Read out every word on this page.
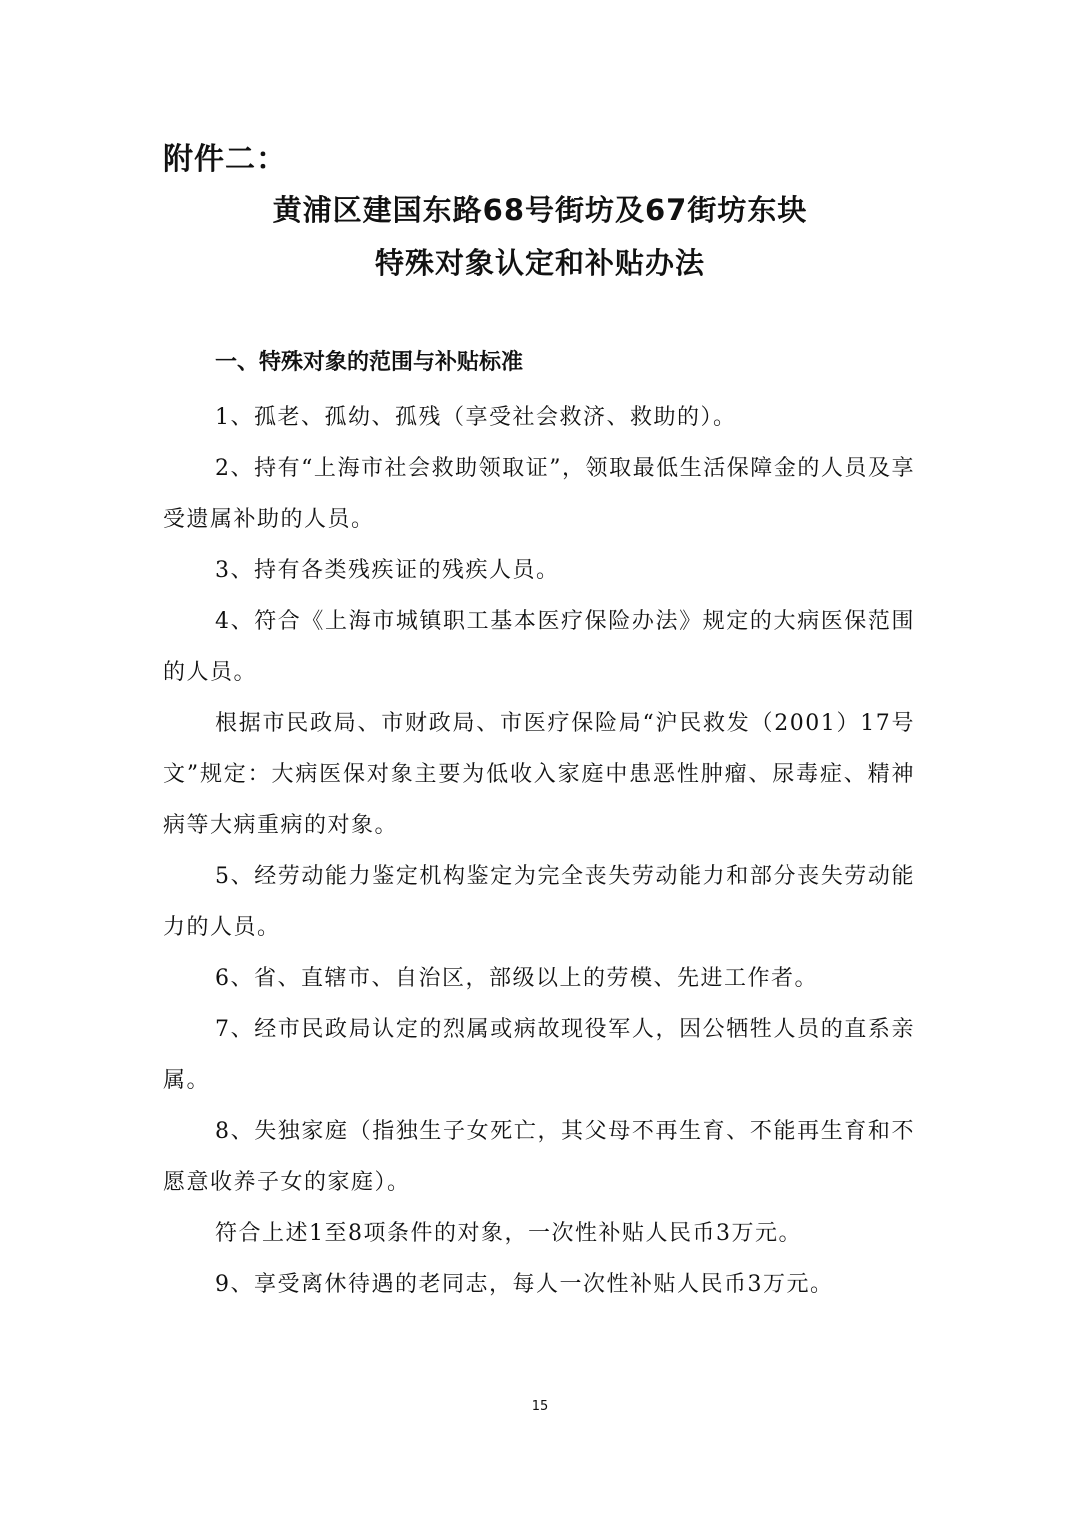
附件二：
黄浦区建国东路68号街坊及67街坊东块
特殊对象认定和补贴办法
一、特殊对象的范围与补贴标准

1、孤老、孤幼、孤残（享受社会救济、救助的）。

2、持有“上海市社会救助领取证”，领取最低生活保障金的人员及享受遗属补助的人员。

3、持有各类残疾证的残疾人员。

4、符合《上海市城镇职工基本医疗保险办法》规定的大病医保范围的人员。

根据市民政局、市财政局、市医疗保险局“沪民救发（2001）17号文”规定：大病医保对象主要为低收入家庭中患恶性肿瘤、尿毒症、精神病等大病重病的对象。

5、经劳动能力鉴定机构鉴定为完全丧失劳动能力和部分丧失劳动能力的人员。

6、省、直辖市、自治区，部级以上的劳模、先进工作者。

7、经市民政局认定的烈属或病故现役军人，因公牺牲人员的直系亲属。

8、失独家庭（指独生子女死亡，其父母不再生育、不能再生育和不愿意收养子女的家庭）。

符合上述1至8项条件的对象，一次性补贴人民币3万元。

9、享受离休待遇的老同志，每人一次性补贴人民币3万元。

15
